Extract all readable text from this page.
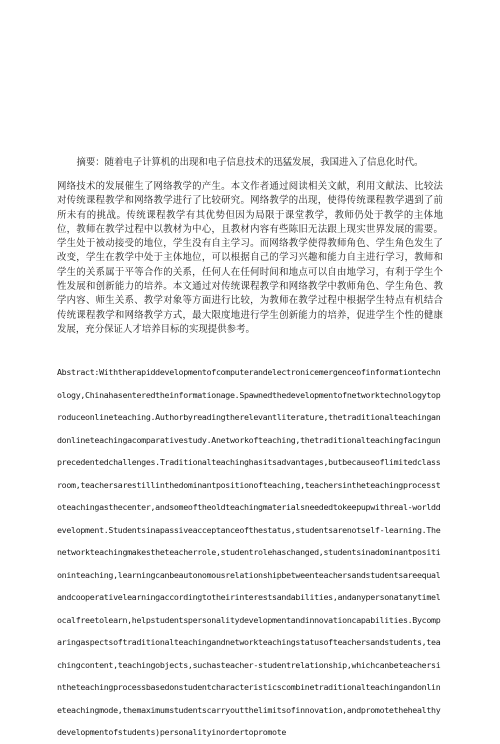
摘要：随着电子计算机的出现和电子信息技术的迅猛发展，我国进入了信息化时代。
网络技术的发展催生了网络教学的产生。本文作者通过阅读相关文献，利用文献法、比较法对传统课程教学和网络教学进行了比较研究。网络教学的出现，使得传统课程教学遇到了前所未有的挑战。传统课程教学有其优势但因为局限于课堂教学，教师仍处于教学的主体地位，教师在教学过程中以教材为中心，且教材内容有些陈旧无法跟上现实世界发展的需要。学生处于被动接受的地位，学生没有自主学习。而网络教学使得教师角色、学生角色发生了改变，学生在教学中处于主体地位，可以根据自己的学习兴趣和能力自主进行学习，教师和学生的关系属于平等合作的关系，任何人在任何时间和地点可以自由地学习，有利于学生个性发展和创新能力的培养。本文通过对传统课程教学和网络教学中教师角色、学生角色、教学内容、师生关系、教学对象等方面进行比较，为教师在教学过程中根据学生特点有机结合传统课程教学和网络教学方式，最大限度地进行学生创新能力的培养，促进学生个性的健康发展，充分保证人才培养目标的实现提供参考。
Abstract:Withtherapiddevelopmentofcomputerandelectronicemergenceofinformationtechnology,Chinahasenteredtheinformationage.Spawnedthedevelopmentofnetworktechnologytoproduceonlineteaching.Authorbyreadingtherelevantliterature,thetraditionalteachingandonlineteachingacomparativestudy.Anetworkofteaching,thetraditionalteachingfacingunprecedentedchallenges.Traditionalteachinghasitsadvantages,butbecauseoflimitedclassroom,teachersarestillinthedominantpositionofteaching,teachersintheteachingprocesstoteachingasthecenter,andsomeoftheoldteachingmaterialsneededtokeepupwithreal-worlddevelopment.Studentsinapassiveacceptanceofthestatus,studentsarenotself-learning.Thenetworkteachingmakestheteacherrole,studentrolehaschanged,studentsinadominantpositioninteaching,learningcanbeautonomousrelationshipbetweenteachersandstudentsareequalandcooperativelearningaccordingtotheirinterestsandabilities,andanypersonatanytimelocalfreetolearn,helpstudentspersonalitydevelopmentandinnovationcapabilities.Bycomparingaspectsoftraditionalteachingandnetworkteachingstatusofteachersandstudents,teachingcontent,teachingobjects,suchasteacher-studentrelationship,whichcanbeteachersintheteachingprocessbasedonstudentcharacteristicscombinetraditionalteachingandonlineteachingmode,themaximumstudentscarryoutthelimitsofinnovation,andpromotethehealthydevelopmentofstudents)personalityinordertopromote
